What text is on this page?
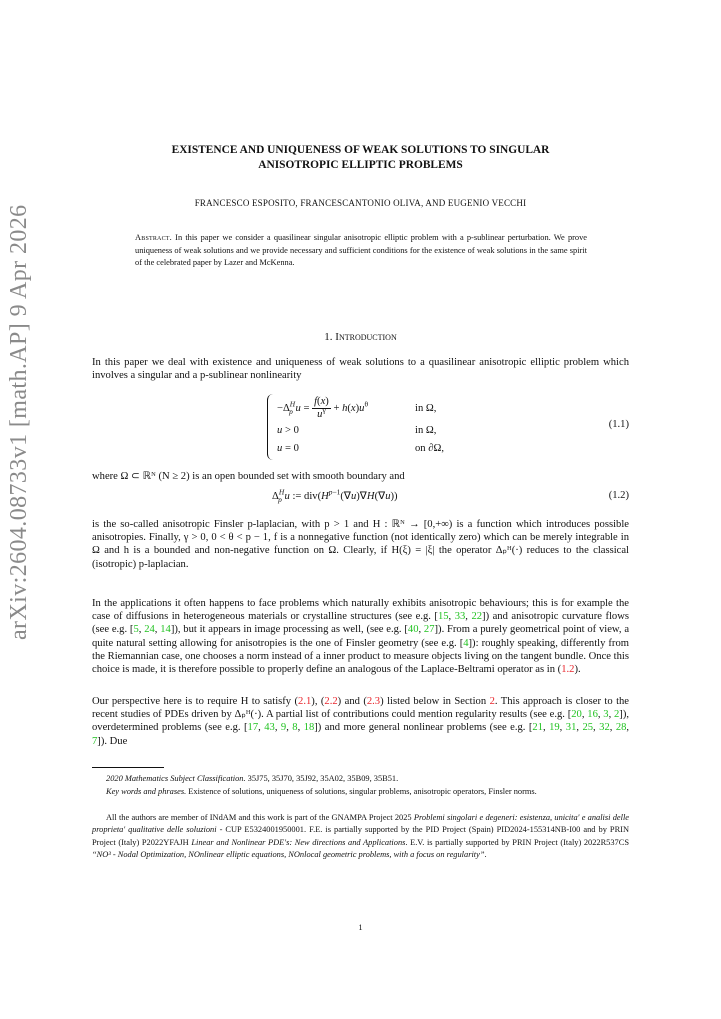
arXiv:2604.08733v1 [math.AP] 9 Apr 2026
EXISTENCE AND UNIQUENESS OF WEAK SOLUTIONS TO SINGULAR
ANISOTROPIC ELLIPTIC PROBLEMS
FRANCESCO ESPOSITO, FRANCESCANTONIO OLIVA, AND EUGENIO VECCHI
Abstract. In this paper we consider a quasilinear singular anisotropic elliptic problem with a p-sublinear perturbation. We prove uniqueness of weak solutions and we provide necessary and sufficient conditions for the existence of weak solutions in the same spirit of the celebrated paper by Lazer and McKenna.
1. Introduction
In this paper we deal with existence and uniqueness of weak solutions to a quasilinear anisotropic elliptic problem which involves a singular and a p-sublinear nonlinearity
$-\Delta^H_p$ $u = \frac{f(x)}{u^\gamma} + h(x)u^\theta$
u > 0
u = 0
in Ω,
in Ω,
on ∂Ω,
(1.1)
where Ω ⊂ ℝᴺ (N ≥ 2) is an open bounded set with smooth boundary and
$\Delta^H_p$ u := $div(H^{p-1}(\nabla u)\nabla H(\nabla u))$	(1.2)
is the so-called anisotropic Finsler p-laplacian, with p > 1 and H : ℝᴺ → [0,+∞) is a function which introduces possible anisotropies. Finally, γ > 0, 0 < θ < p − 1, f is a nonnegative function (not identically zero) which can be merely integrable in Ω and h is a bounded and non-negative function on Ω. Clearly, if H(ξ) = |ξ| the operator Δₚᴴ(·) reduces to the classical (isotropic) p-laplacian.
In the applications it often happens to face problems which naturally exhibits anisotropic behaviours; this is for example the case of diffusions in heterogeneous materials or crystalline structures (see e.g. [15, 33, 22]) and anisotropic curvature flows (see e.g. [5, 24, 14]), but it appears in image processing as well, (see e.g. [40, 27]). From a purely geometrical point of view, a quite natural setting allowing for anisotropies is the one of Finsler geometry (see e.g. [4]): roughly speaking, differently from the Riemannian case, one chooses a norm instead of a inner product to measure objects living on the tangent bundle. Once this choice is made, it is therefore possible to properly define an analogous of the Laplace-Beltrami operator as in (1.2).
Our perspective here is to require H to satisfy (2.1), (2.2) and (2.3) listed below in Section 2. This approach is closer to the recent studies of PDEs driven by Δₚᴴ(·). A partial list of contributions could mention regularity results (see e.g. [20, 16, 3, 2]), overdetermined problems (see e.g. [17, 43, 9, 8, 18]) and more general nonlinear problems (see e.g. [21, 19, 31, 25, 32, 28, 7]). Due
2020 Mathematics Subject Classification. 35J75, 35J70, 35J92, 35A02, 35B09, 35B51.
Key words and phrases. Existence of solutions, uniqueness of solutions, singular problems, anisotropic operators, Finsler norms.
All the authors are member of INdAM and this work is part of the GNAMPA Project 2025 Problemi singolari e degeneri: esistenza, unicita' e analisi delle proprieta' qualitative delle soluzioni - CUP E5324001950001. F.E. is partially supported by the PID Project (Spain) PID2024-155314NB-I00 and by PRIN Project (Italy) P2022YFAJH Linear and Nonlinear PDE's: New directions and Applications. E.V. is partially supported by PRIN Project (Italy) 2022R537CS “NO³ - Nodal Optimization, NOnlinear elliptic equations, NOnlocal geometric problems, with a focus on regularity”.
1
